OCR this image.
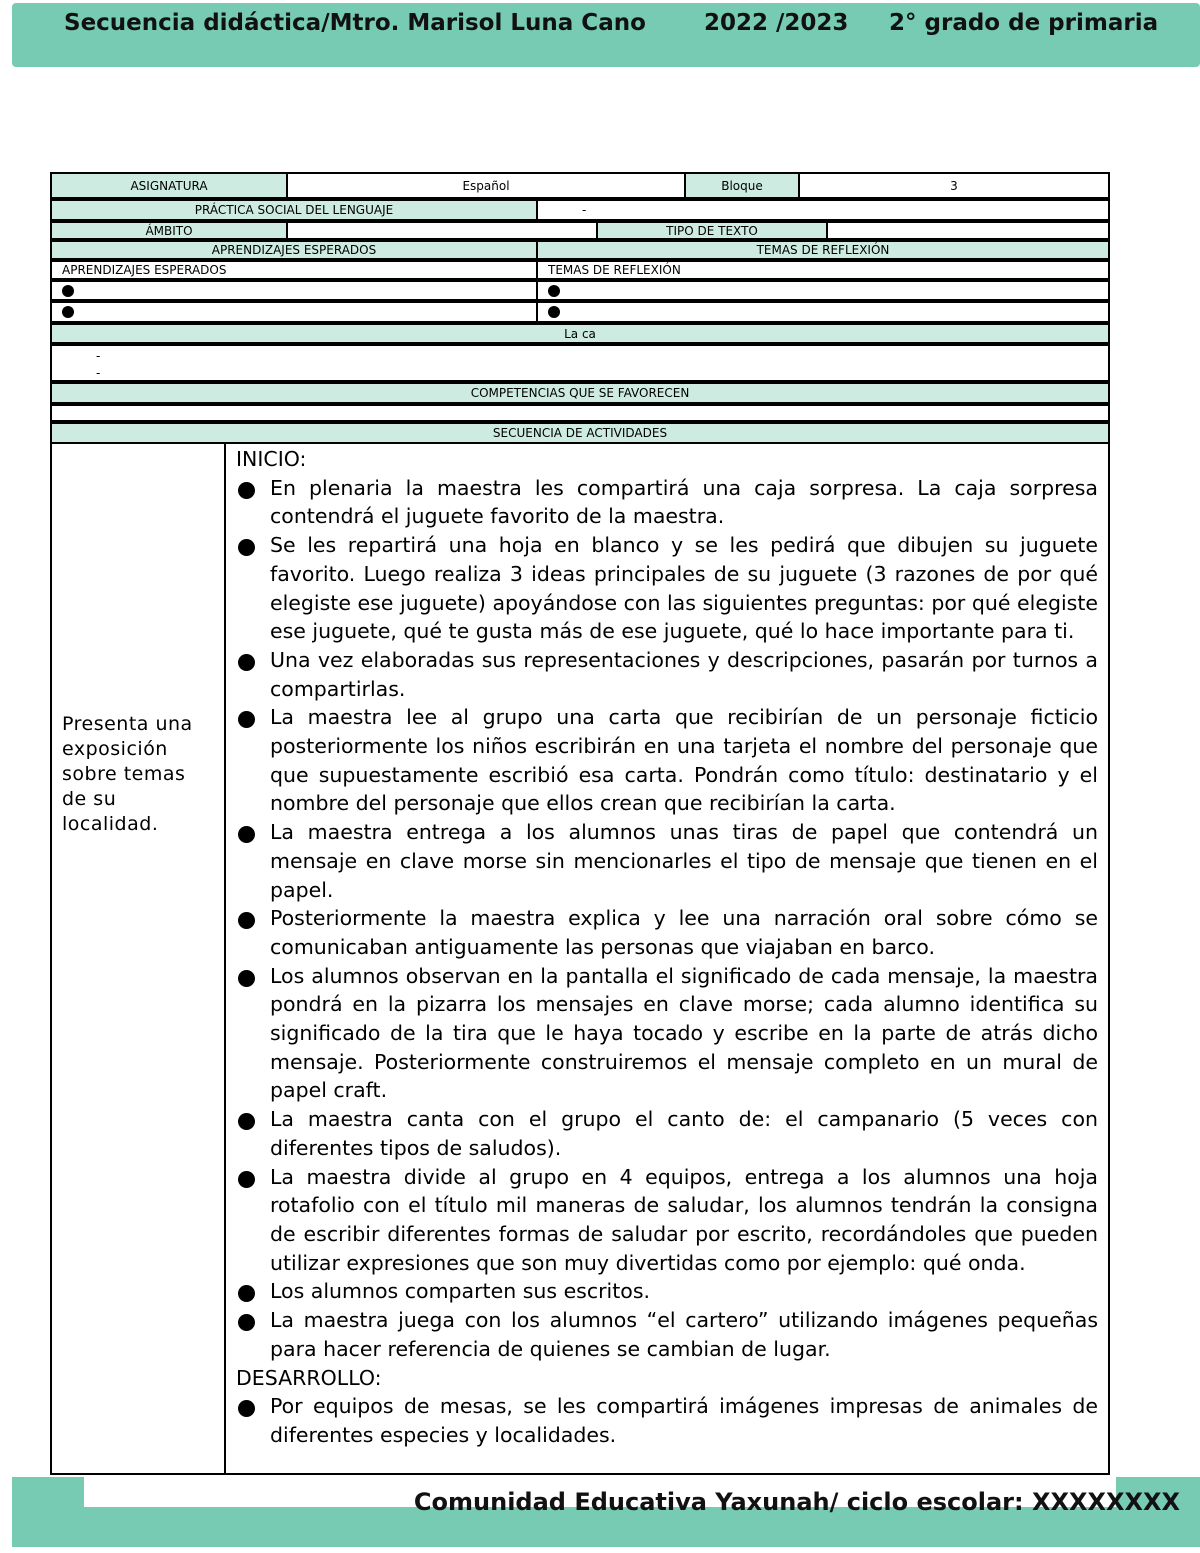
Secuencia didáctica/Mtro. Marisol Luna Cano	2022 /2023 2° grado de primaria
ASIGNATURA	Español	Bloque	3
PRÁCTICA SOCIAL DEL LENGUAJE	-
ÁMBITO	TIPO DE TEXTO
APRENDIZAJES ESPERADOS	TEMAS DE REFLEXIÓN
APRENDIZAJES ESPERADOS	TEMAS DE REFLEXIÓN
La ca
-
-
COMPETENCIAS QUE SE FAVORECEN
SECUENCIA DE ACTIVIDADES
Presenta una exposición sobre temas de su localidad.

INICIO:

En plenaria la maestra les compartirá una caja sorpresa. La caja sorpresa contendrá el juguete favorito de la maestra.
Se les repartirá una hoja en blanco y se les pedirá que dibujen su juguete favorito. Luego realiza 3 ideas principales de su juguete (3 razones de por qué elegiste ese juguete) apoyándose con las siguientes preguntas: por qué elegiste ese juguete, qué te gusta más de ese juguete, qué lo hace importante para ti.
Una vez elaboradas sus representaciones y descripciones, pasarán por turnos a compartirlas.
La maestra lee al grupo una carta que recibirían de un personaje ficticio posteriormente los niños escribirán en una tarjeta el nombre del personaje que que supuestamente escribió esa carta. Pondrán como título: destinatario y el nombre del personaje que ellos crean que recibirían la carta.
La maestra entrega a los alumnos unas tiras de papel que contendrá un mensaje en clave morse sin mencionarles el tipo de mensaje que tienen en el papel.
Posteriormente la maestra explica y lee una narración oral sobre cómo se comunicaban antiguamente las personas que viajaban en barco.
Los alumnos observan en la pantalla el significado de cada mensaje, la maestra pondrá en la pizarra los mensajes en clave morse; cada alumno identifica su significado de la tira que le haya tocado y escribe en la parte de atrás dicho mensaje. Posteriormente construiremos el mensaje completo en un mural de papel craft.
La maestra canta con el grupo el canto de: el campanario (5 veces con diferentes tipos de saludos).
La maestra divide al grupo en 4 equipos, entrega a los alumnos una hoja rotafolio con el título mil maneras de saludar, los alumnos tendrán la consigna de escribir diferentes formas de saludar por escrito, recordándoles que pueden utilizar expresiones que son muy divertidas como por ejemplo: qué onda.
Los alumnos comparten sus escritos.
La maestra juega con los alumnos “el cartero” utilizando imágenes pequeñas para hacer referencia de quienes se cambian de lugar.

DESARROLLO:

Por equipos de mesas, se les compartirá imágenes impresas de animales de diferentes especies y localidades.
Comunidad Educativa Yaxunah/ ciclo escolar: XXXXXXXX
